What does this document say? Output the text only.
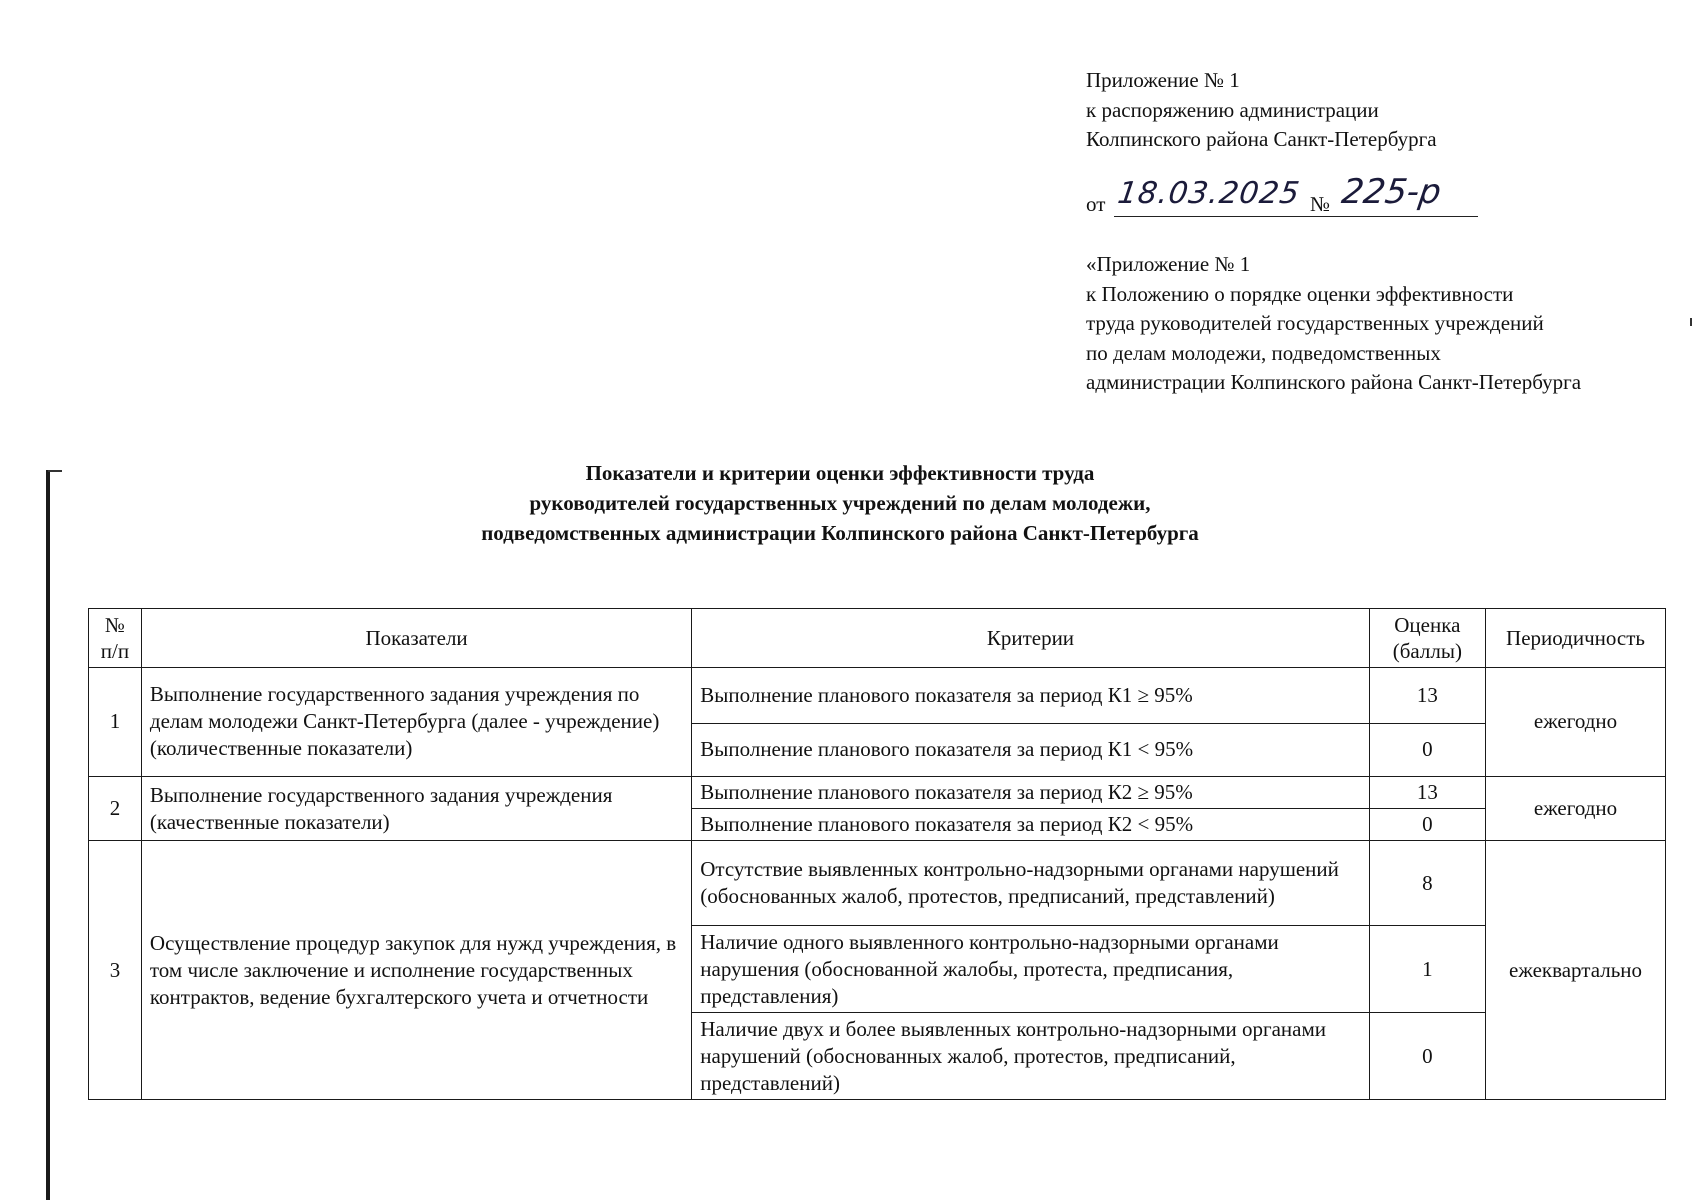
Приложение № 1
к распоряжению администрации
Колпинского района Санкт-Петербурга
от 18.03.2025 № 225-р
«Приложение № 1
к Положению о порядке оценки эффективности
труда руководителей государственных учреждений
по делам молодежи, подведомственных
администрации Колпинского района Санкт-Петербурга
Показатели и критерии оценки эффективности труда
руководителей государственных учреждений по делам молодежи,
подведомственных администрации Колпинского района Санкт-Петербурга
№ п/п	Показатели	Критерии	Оценка (баллы)	Периодичность
1	Выполнение государственного задания учреждения по делам молодежи Санкт-Петербурга (далее - учреждение) (количественные показатели)	Выполнение планового показателя за период К1 ≥ 95%	13	ежегодно
		Выполнение планового показателя за период К1 < 95%	0	
2	Выполнение государственного задания учреждения (качественные показатели)	Выполнение планового показателя за период К2 ≥ 95%	13	ежегодно
		Выполнение планового показателя за период К2 < 95%	0	
3	Осуществление процедур закупок для нужд учреждения, в том числе заключение и исполнение государственных контрактов, ведение бухгалтерского учета и отчетности	Отсутствие выявленных контрольно-надзорными органами нарушений (обоснованных жалоб, протестов, предписаний, представлений)	8	ежеквартально
		Наличие одного выявленного контрольно-надзорными органами нарушения (обоснованной жалобы, протеста, предписания, представления)	1	
		Наличие двух и более выявленных контрольно-надзорными органами нарушений (обоснованных жалоб, протестов, предписаний, представлений)	0	
